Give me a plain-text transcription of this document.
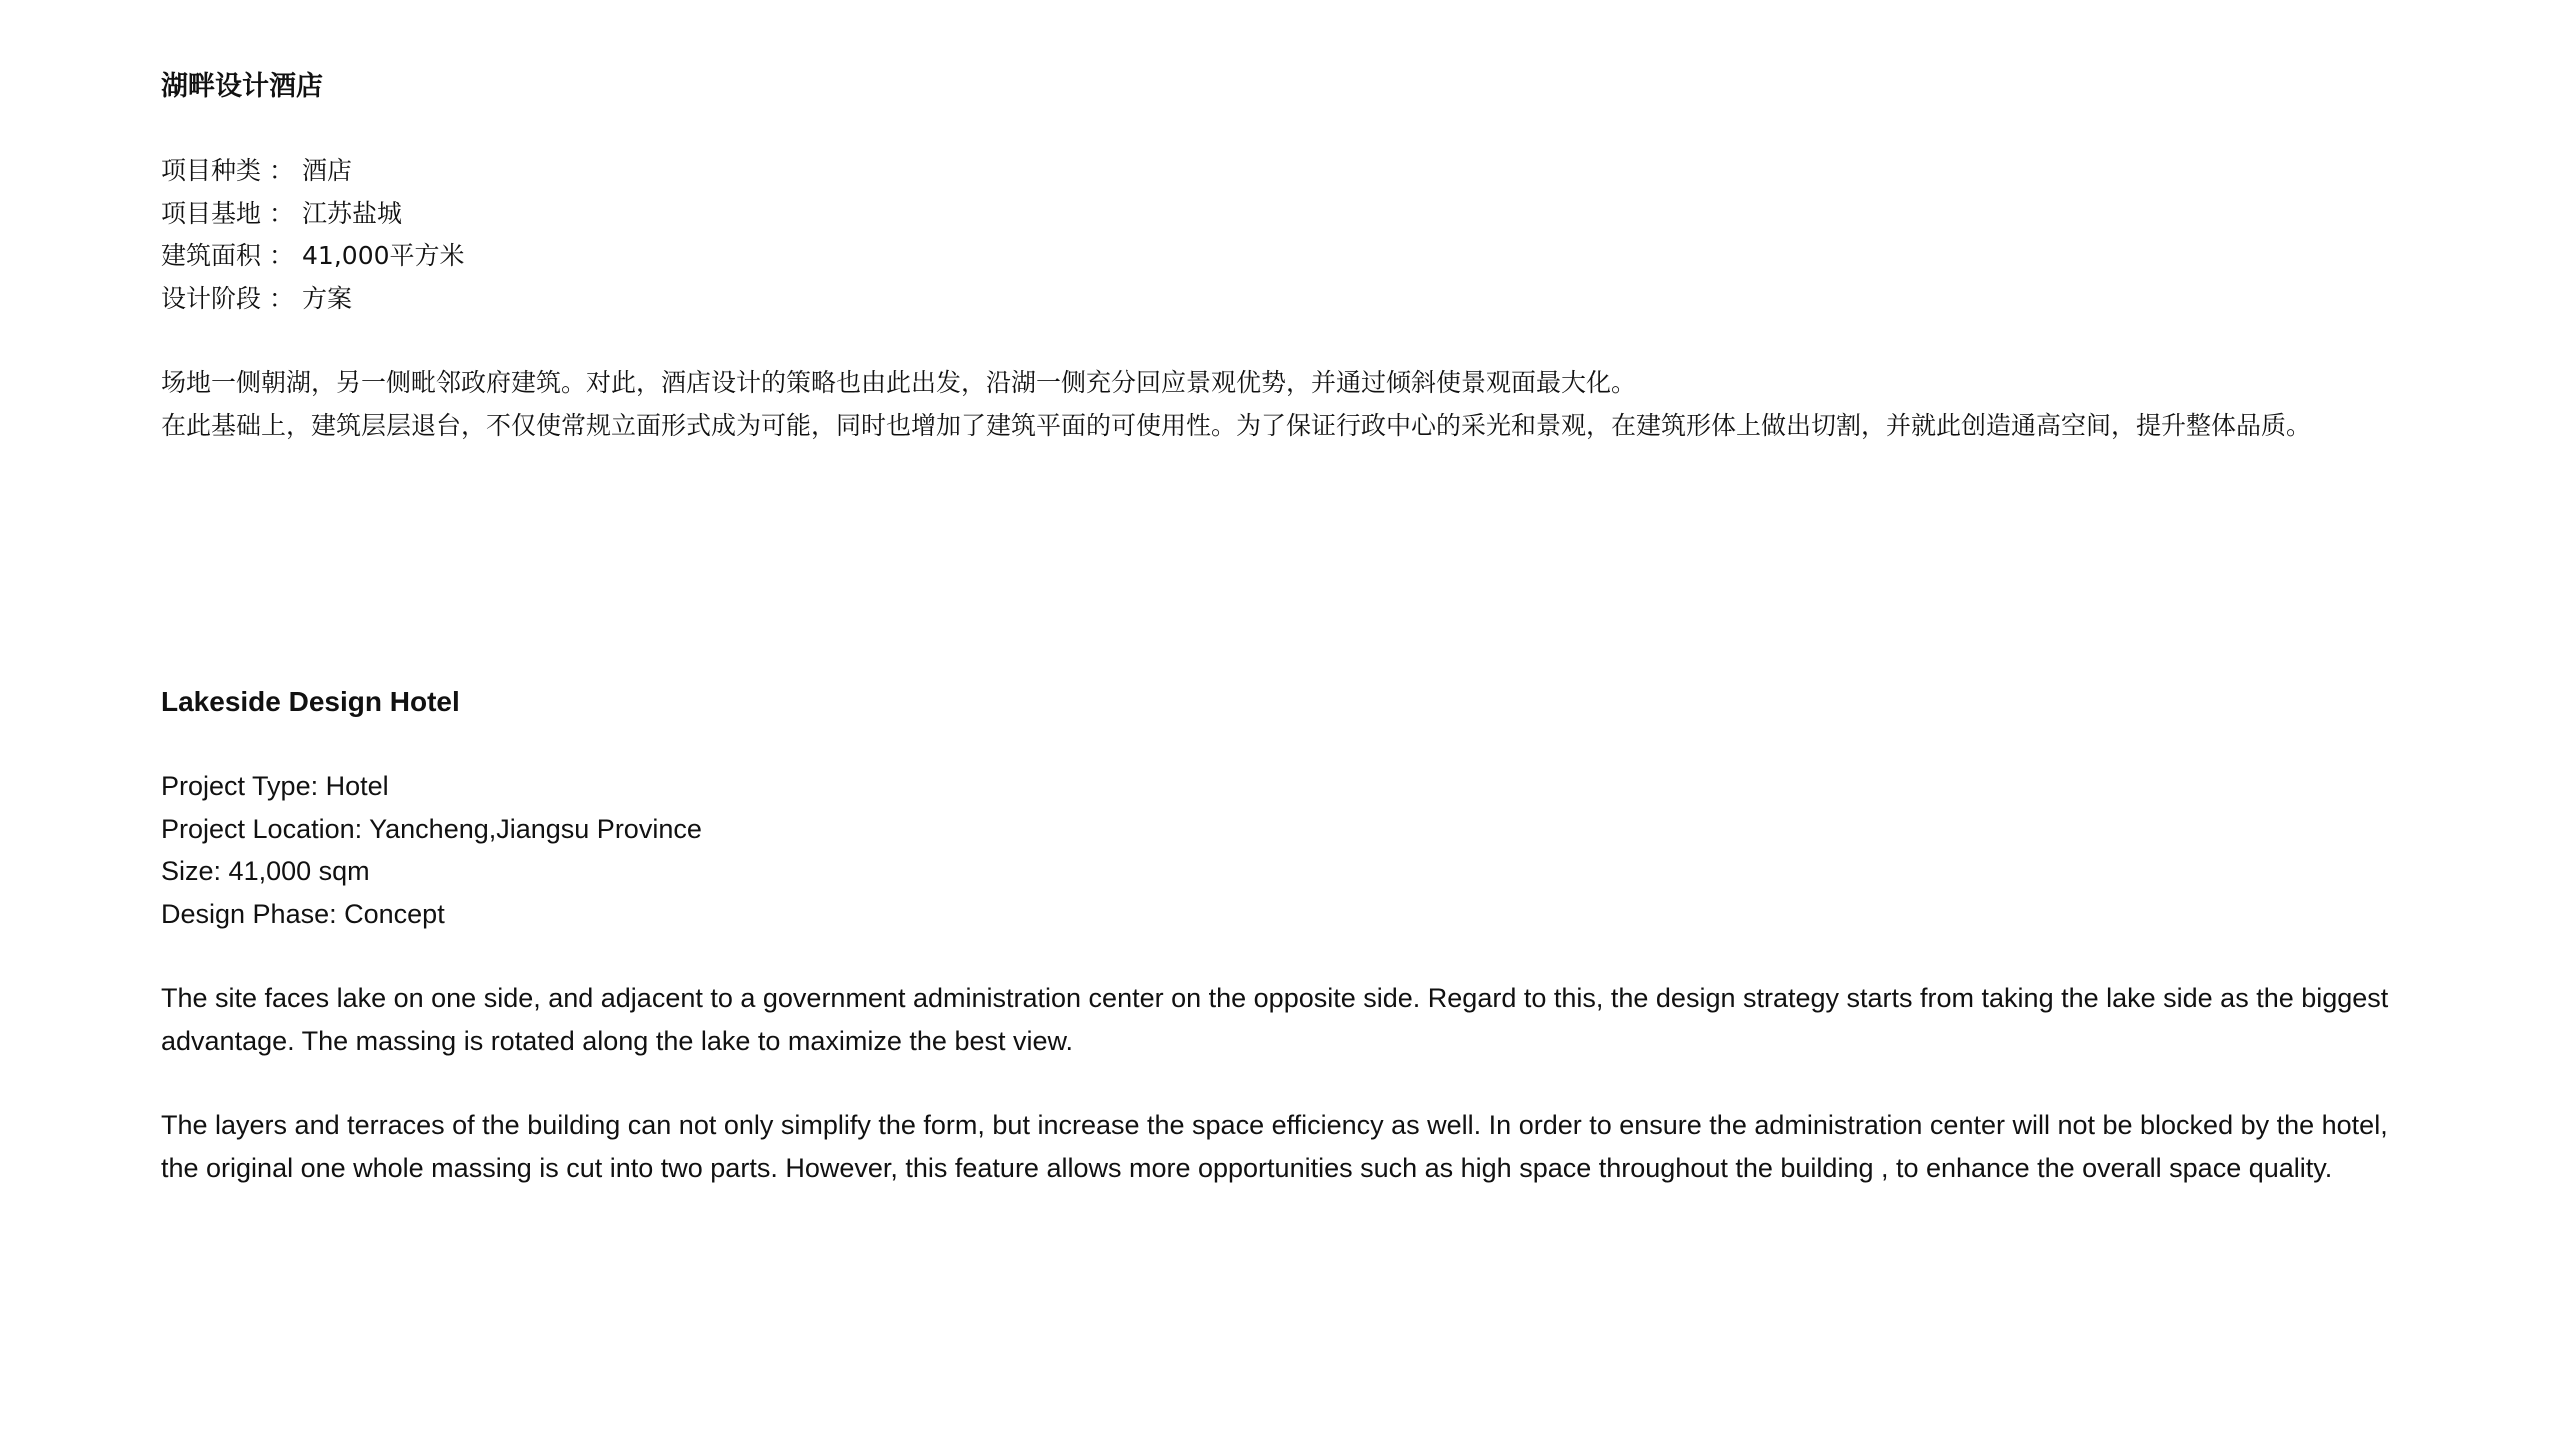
湖畔设计酒店
项目种类 ： 酒店
项目基地 ： 江苏盐城
建筑面积 ： 41,000平方米
设计阶段 ： 方案

场地一侧朝湖，另一侧毗邻政府建筑。对此，酒店设计的策略也由此出发，沿湖一侧充分回应景观优势，并通过倾斜使景观面最大化。

在此基础上，建筑层层退台，不仅使常规立面形式成为可能，同时也增加了建筑平面的可使用性。为了保证行政中心的采光和景观，在建筑形体上做出切割，并就此创造通高空间，提升整体品质。

Lakeside Design Hotel
Project Type: Hotel
Project Location: Yancheng,Jiangsu Province
Size: 41,000 sqm
Design Phase: Concept

The site faces lake on one side, and adjacent to a government administration center on the opposite side. Regard to this, the design strategy starts from taking the lake side as the biggest advantage. The massing is rotated along the lake to maximize the best view.

The layers and terraces of the building can not only simplify the form, but increase the space efficiency as well. In order to ensure the administration center will not be blocked by the hotel, the original one whole massing is cut into two parts. However, this feature allows more opportunities such as high space throughout the building , to enhance the overall space quality.
